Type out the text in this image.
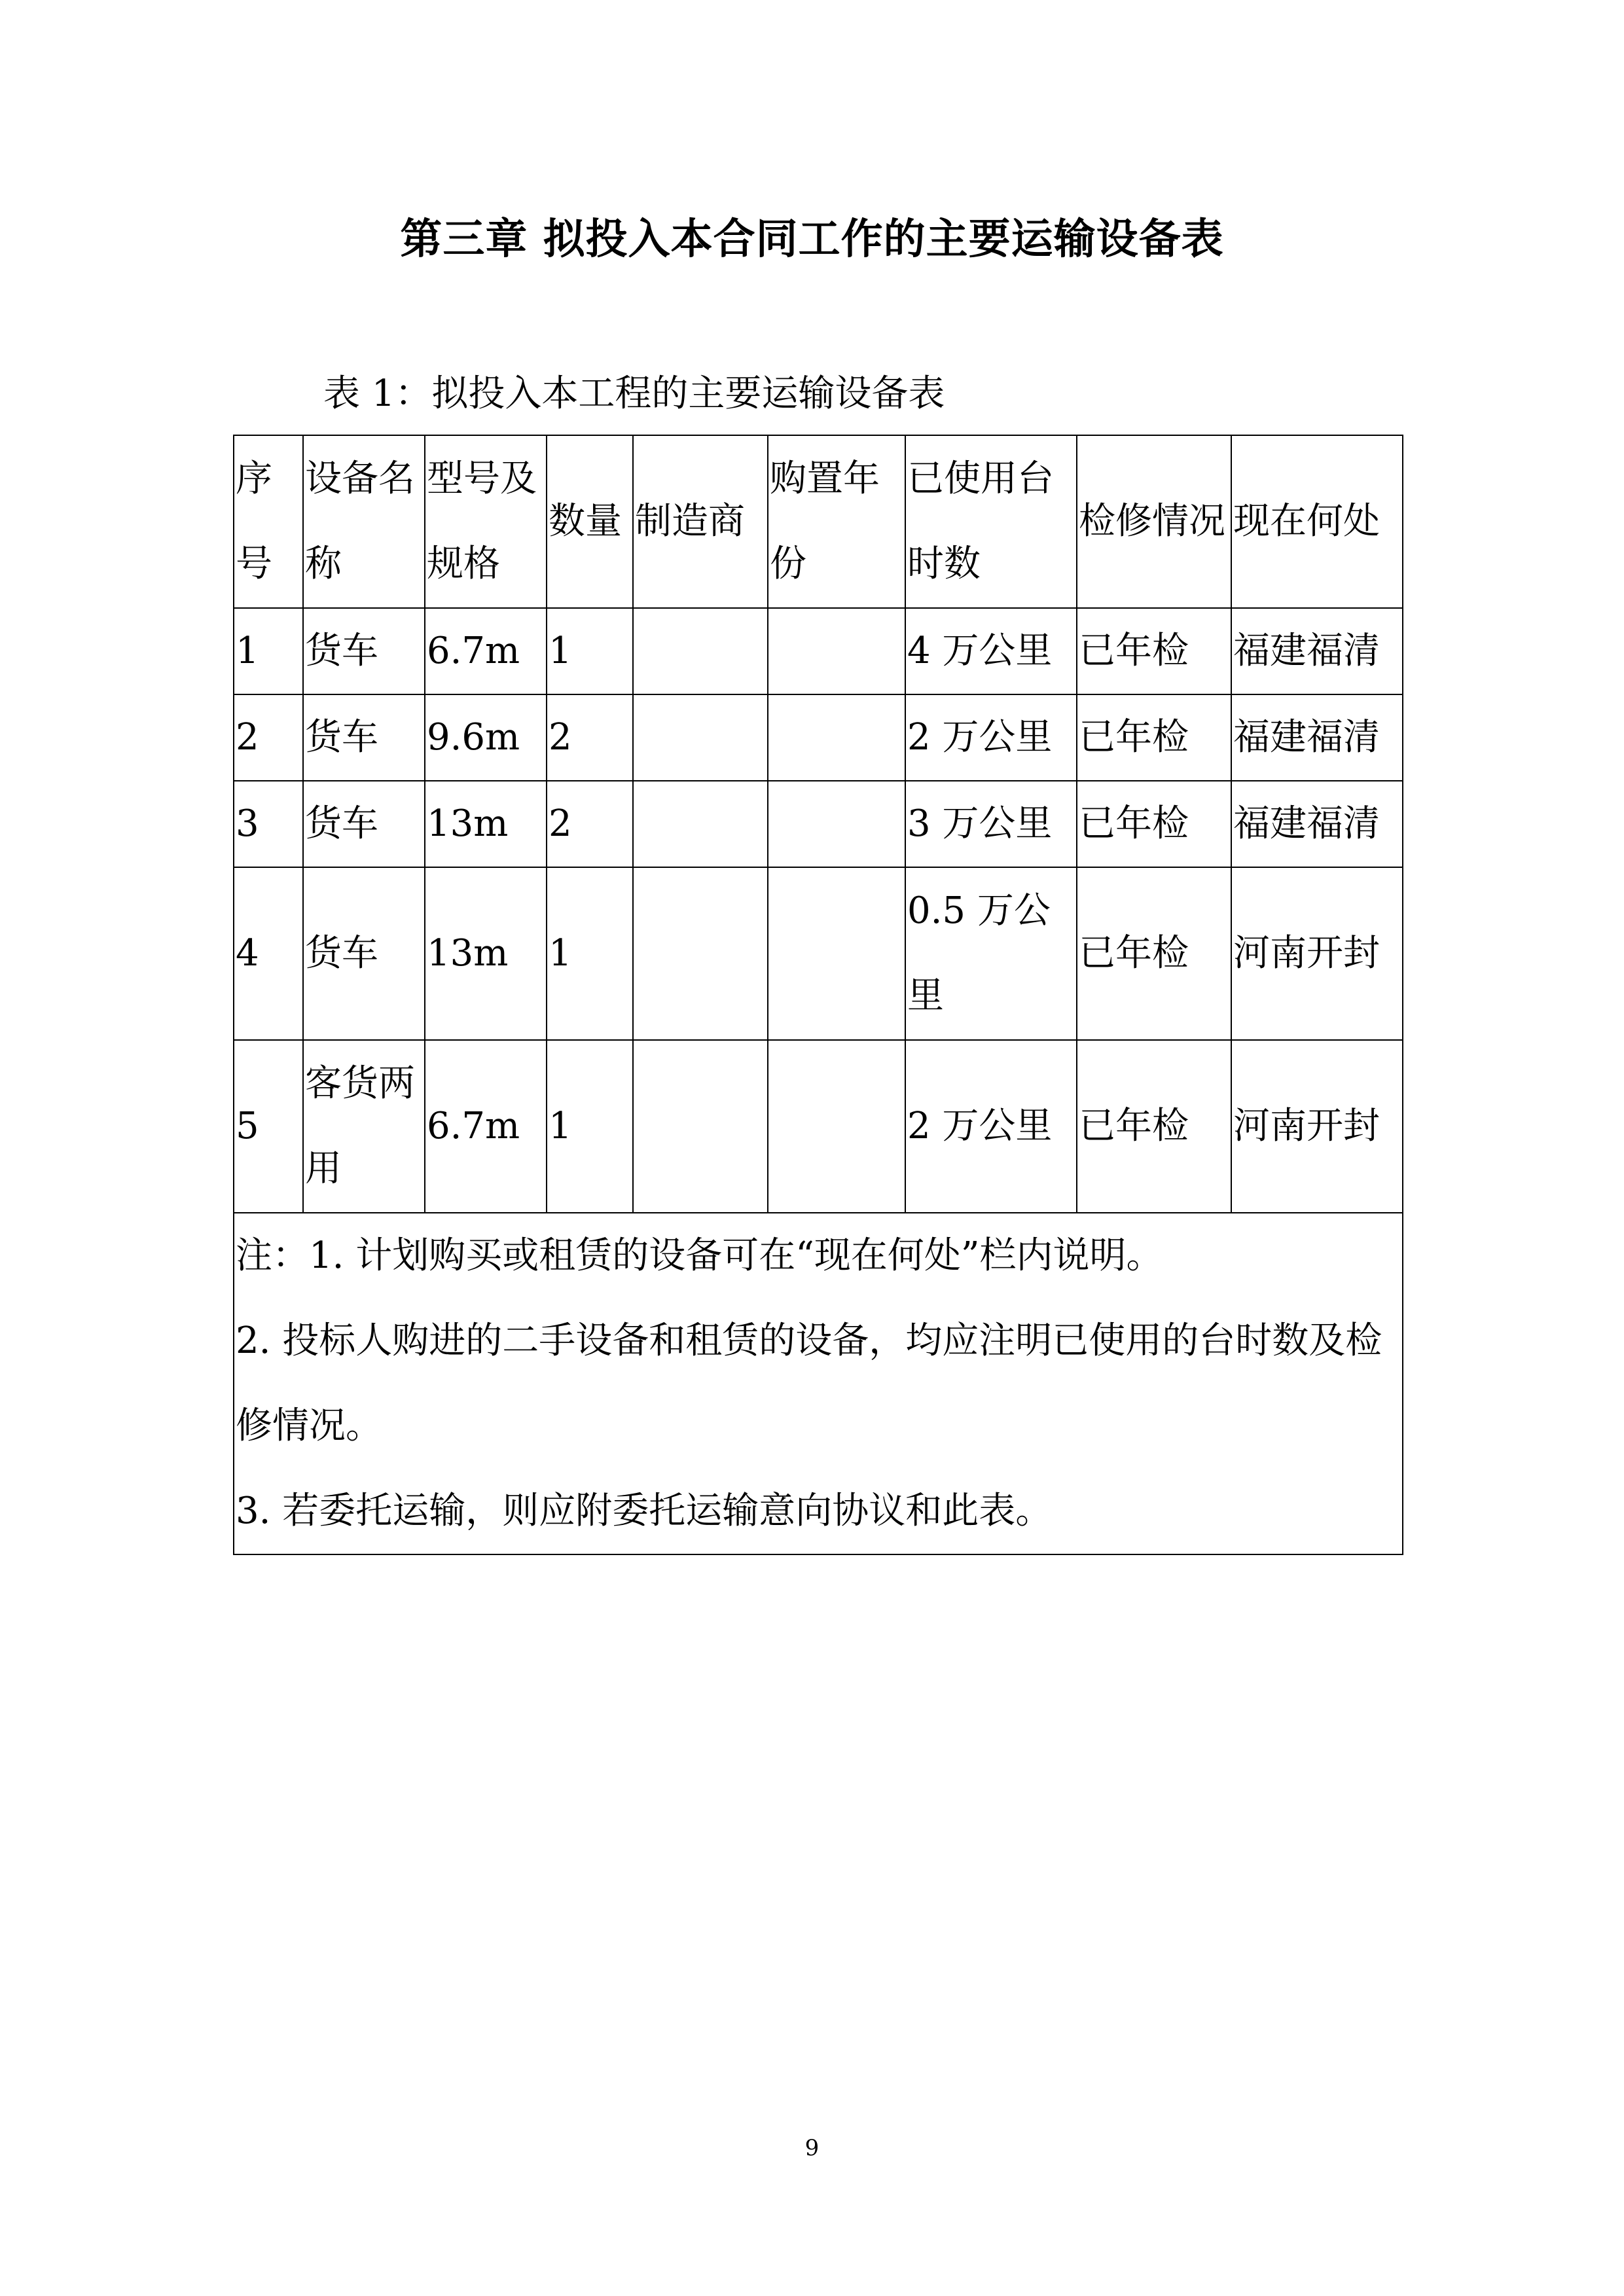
第三章 拟投入本合同工作的主要运输设备表
表 1：拟投入本工程的主要运输设备表
序号	设备名称	型号及规格	数量	制造商	购置年份	已使用台时数	检修情况	现在何处
1	货车	6.7m	1			4 万公里	已年检	福建福清
2	货车	9.6m	2			2 万公里	已年检	福建福清
3	货车	13m	2			3 万公里	已年检	福建福清
4	货车	13m	1			0.5 万公里	已年检	河南开封
5	客货两用	6.7m	1			2 万公里	已年检	河南开封

注：1. 计划购买或租赁的设备可在“现在何处”栏内说明。
2. 投标人购进的二手设备和租赁的设备，均应注明已使用的台时数及检修情况。
3. 若委托运输，则应附委托运输意向协议和此表。								
9
